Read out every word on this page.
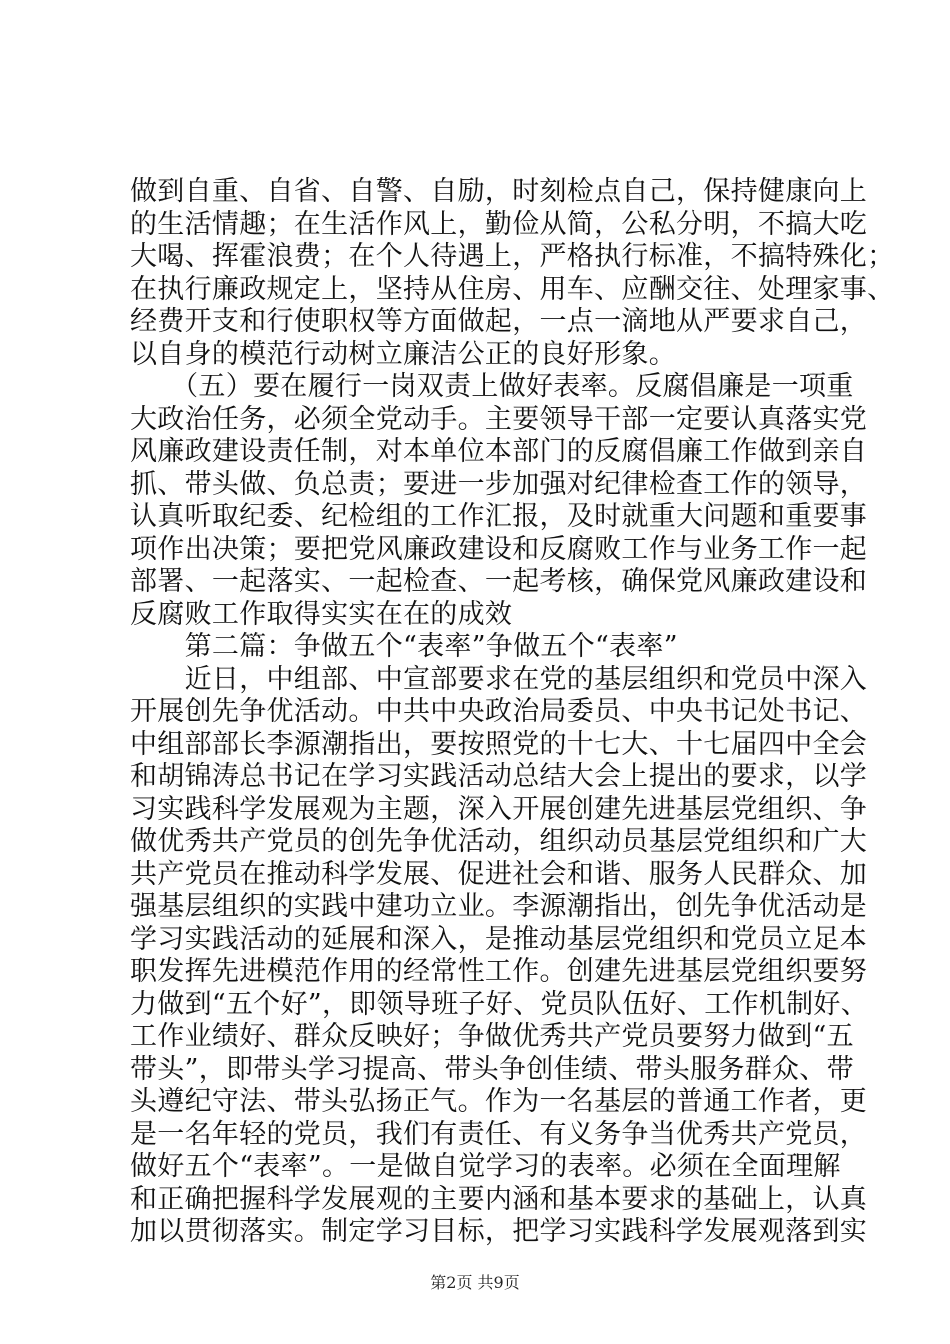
做到自重、自省、自警、自励，时刻检点自己，保持健康向上
的生活情趣；在生活作风上，勤俭从简，公私分明，不搞大吃
大喝、挥霍浪费；在个人待遇上，严格执行标准，不搞特殊化；
在执行廉政规定上，坚持从住房、用车、应酬交往、处理家事、
经费开支和行使职权等方面做起，一点一滴地从严要求自己，
以自身的模范行动树立廉洁公正的良好形象。
　　（五）要在履行一岗双责上做好表率。反腐倡廉是一项重
大政治任务，必须全党动手。主要领导干部一定要认真落实党
风廉政建设责任制，对本单位本部门的反腐倡廉工作做到亲自
抓、带头做、负总责；要进一步加强对纪律检查工作的领导，
认真听取纪委、纪检组的工作汇报，及时就重大问题和重要事
项作出决策；要把党风廉政建设和反腐败工作与业务工作一起
部署、一起落实、一起检查、一起考核，确保党风廉政建设和
反腐败工作取得实实在在的成效
　　第二篇：争做五个“表率”争做五个“表率”
　　近日，中组部、中宣部要求在党的基层组织和党员中深入
开展创先争优活动。中共中央政治局委员、中央书记处书记、
中组部部长李源潮指出，要按照党的十七大、十七届四中全会
和胡锦涛总书记在学习实践活动总结大会上提出的要求，以学
习实践科学发展观为主题，深入开展创建先进基层党组织、争
做优秀共产党员的创先争优活动，组织动员基层党组织和广大
共产党员在推动科学发展、促进社会和谐、服务人民群众、加
强基层组织的实践中建功立业。李源潮指出，创先争优活动是
学习实践活动的延展和深入，是推动基层党组织和党员立足本
职发挥先进模范作用的经常性工作。创建先进基层党组织要努
力做到“五个好”，即领导班子好、党员队伍好、工作机制好、
工作业绩好、群众反映好；争做优秀共产党员要努力做到“五
带头”，即带头学习提高、带头争创佳绩、带头服务群众、带
头遵纪守法、带头弘扬正气。作为一名基层的普通工作者，更
是一名年轻的党员，我们有责任、有义务争当优秀共产党员，
做好五个“表率”。一是做自觉学习的表率。必须在全面理解
和正确把握科学发展观的主要内涵和基本要求的基础上，认真
加以贯彻落实。制定学习目标，把学习实践科学发展观落到实
第2页 共9页
